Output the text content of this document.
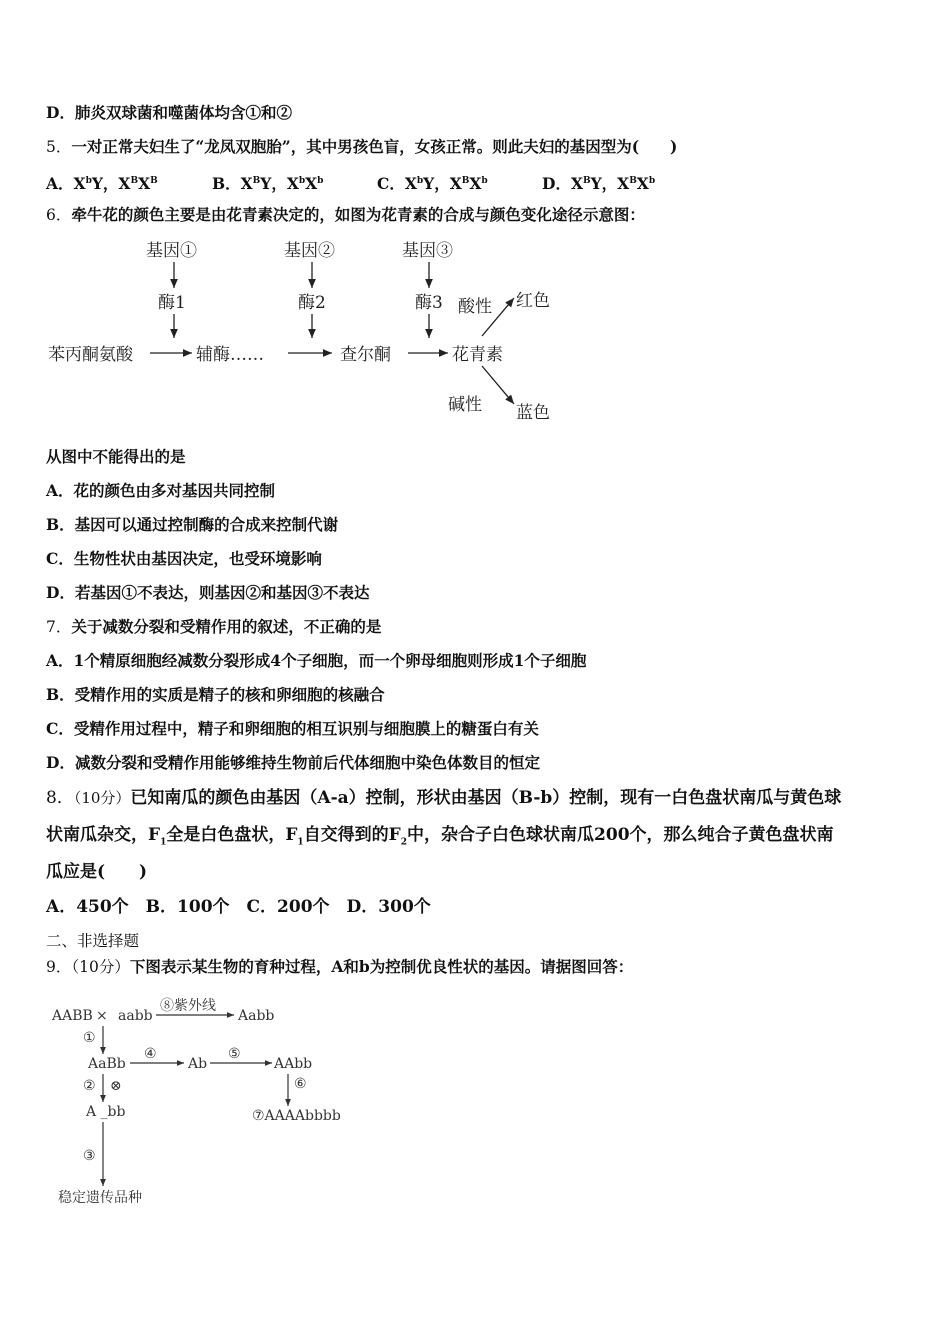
D．肺炎双球菌和噬菌体均含①和②
5．一对正常夫妇生了“龙凤双胞胎”，其中男孩色盲，女孩正常。则此夫妇的基因型为(　　)
A．$X^bY$，$X^BX^B$	B．$X^BY$，$X^bX^b$	C．$X^bY$，$X^BX^b$	D．$X^BY$，$X^BX^b$
6．牵牛花的颜色主要是由花青素决定的，如图为花青素的合成与颜色变化途径示意图：
基因①	基因②	基因③
酶1	酶2	酶3
苯丙酮氨酸	辅酶……	查尔酮	花青素
酸性 红色
碱性 蓝色
从图中不能得出的是
A．花的颜色由多对基因共同控制
B．基因可以通过控制酶的合成来控制代谢
C．生物性状由基因决定，也受环境影响
D．若基因①不表达，则基因②和基因③不表达
7．关于减数分裂和受精作用的叙述，不正确的是
A．1个精原细胞经减数分裂形成4个子细胞，而一个卵母细胞则形成1个子细胞
B．受精作用的实质是精子的核和卵细胞的核融合
C．受精作用过程中，精子和卵细胞的相互识别与细胞膜上的糖蛋白有关
D．减数分裂和受精作用能够维持生物前后代体细胞中染色体数目的恒定
8．（10分）已知南瓜的颜色由基因（A-a）控制，形状由基因（B-b）控制，现有一白色盘状南瓜与黄色球
状南瓜杂交，$F_1$全是白色盘状，$F_1$自交得到的$F_2$中，杂合子白色球状南瓜200个，那么纯合子黄色盘状南
瓜应是(　　)
A．450个　B．100个　C．200个　D．300个
二、非选择题
9．（10分）下图表示某生物的育种过程，A和b为控制优良性状的基因。请据图回答：
AABB × aabb
⑧紫外线
Aabb
①
AaBb
④
Ab
⑤
AAbb
② ⊗	⑥
A _bb	⑦AAAAbbbb
③
稳定遗传品种
